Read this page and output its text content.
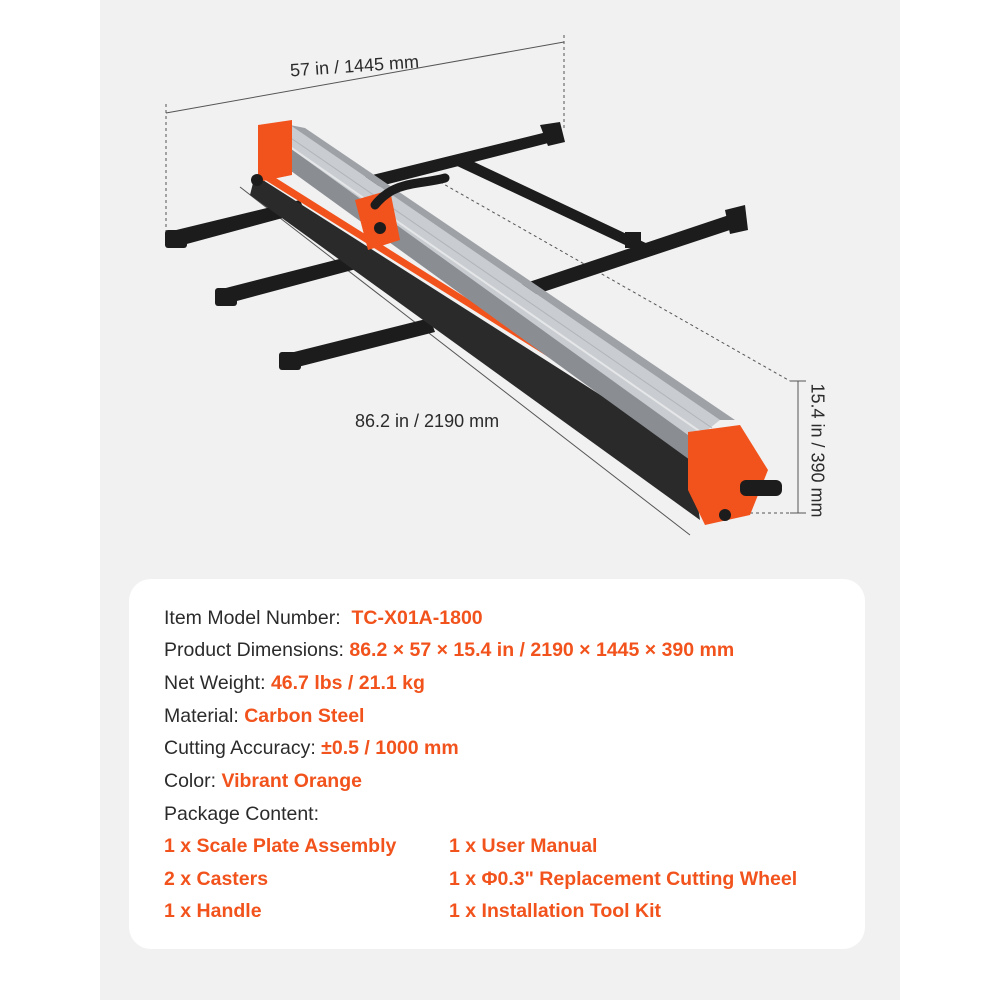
57 in / 1445 mm
86.2 in / 2190 mm	15.4 in / 390 mm
Item Model Number: TC-X01A-1800
Product Dimensions: 86.2 × 57 × 15.4 in / 2190 × 1445 × 390 mm
Net Weight: 46.7 lbs / 21.1 kg
Material: Carbon Steel
Cutting Accuracy: ±0.5 / 1000 mm
Color: Vibrant Orange
Package Content:
1 x Scale Plate Assembly	1 x User Manual
2 x Casters	1 x Φ0.3" Replacement Cutting Wheel
1 x Handle	1 x Installation Tool Kit
